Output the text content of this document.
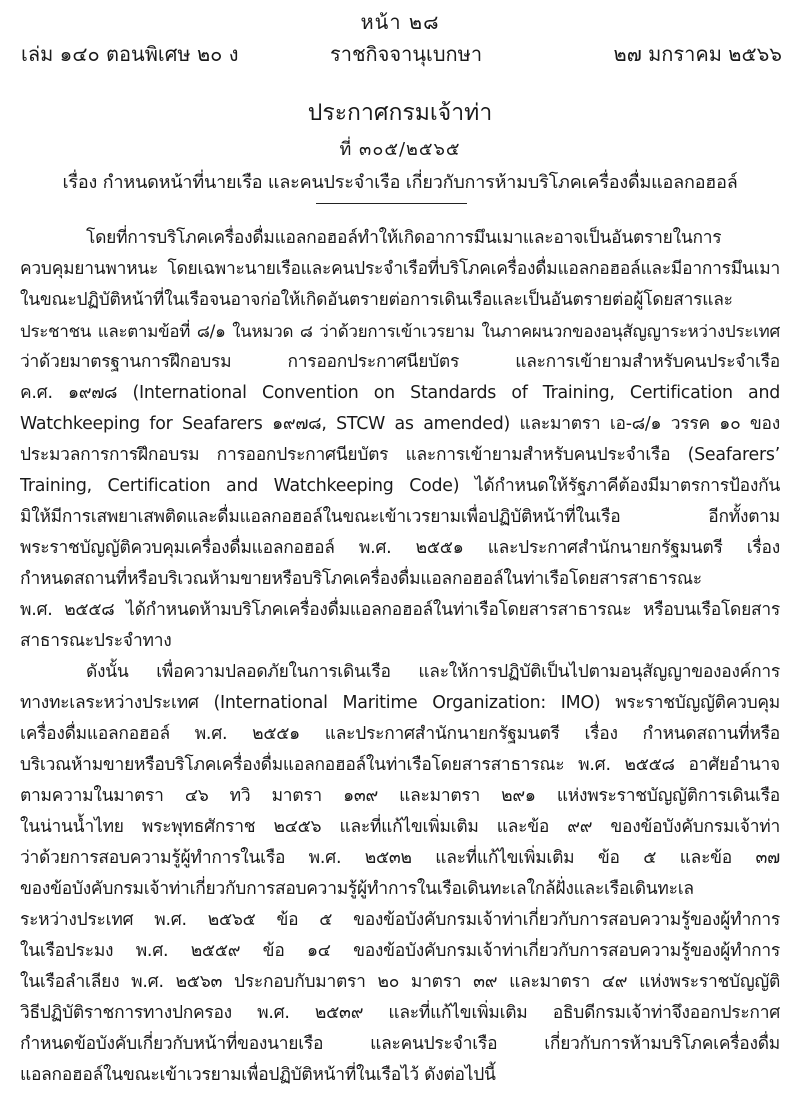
หน้า ๒๘
เล่ม ๑๔๐ ตอนพิเศษ ๒๐ ง	ราชกิจจานุเบกษา	๒๗ มกราคม ๒๕๖๖
ประกาศกรมเจ้าท่า
ที่ ๓๐๕/๒๕๖๕
เรื่อง กำหนดหน้าที่นายเรือ และคนประจำเรือ เกี่ยวกับการห้ามบริโภคเครื่องดื่มแอลกอฮอล์
โดยที่การบริโภคเครื่องดื่มแอลกอฮอล์ทำให้เกิดอาการมึนเมาและอาจเป็นอันตรายในการ
ควบคุมยานพาหนะ โดยเฉพาะนายเรือและคนประจำเรือที่บริโภคเครื่องดื่มแอลกอฮอล์และมีอาการมึนเมา
ในขณะปฏิบัติหน้าที่ในเรือจนอาจก่อให้เกิดอันตรายต่อการเดินเรือและเป็นอันตรายต่อผู้โดยสารและ
ประชาชน และตามข้อที่ ๘/๑ ในหมวด ๘ ว่าด้วยการเข้าเวรยาม ในภาคผนวกของอนุสัญญาระหว่างประเทศ
ว่าด้วยมาตรฐานการฝึกอบรม การออกประกาศนียบัตร และการเข้ายามสำหรับคนประจำเรือ
ค.ศ. ๑๙๗๘ (International Convention on Standards of Training, Certification and
Watchkeeping for Seafarers ๑๙๗๘, STCW as amended) และมาตรา เอ-๘/๑ วรรค ๑๐ ของ
ประมวลการการฝึกอบรม การออกประกาศนียบัตร และการเข้ายามสำหรับคนประจำเรือ (Seafarers’
Training, Certification and Watchkeeping Code) ได้กำหนดให้รัฐภาคีต้องมีมาตรการป้องกัน
มิให้มีการเสพยาเสพติดและดื่มแอลกอฮอล์ในขณะเข้าเวรยามเพื่อปฏิบัติหน้าที่ในเรือ อีกทั้งตาม
พระราชบัญญัติควบคุมเครื่องดื่มแอลกอฮอล์ พ.ศ. ๒๕๕๑ และประกาศสำนักนายกรัฐมนตรี เรื่อง
กำหนดสถานที่หรือบริเวณห้ามขายหรือบริโภคเครื่องดื่มแอลกอฮอล์ในท่าเรือโดยสารสาธารณะ
พ.ศ. ๒๕๕๘ ได้กำหนดห้ามบริโภคเครื่องดื่มแอลกอฮอล์ในท่าเรือโดยสารสาธารณะ หรือบนเรือโดยสาร
สาธารณะประจำทาง
ดังนั้น เพื่อความปลอดภัยในการเดินเรือ และให้การปฏิบัติเป็นไปตามอนุสัญญาขององค์การ
ทางทะเลระหว่างประเทศ (International Maritime Organization: IMO) พระราชบัญญัติควบคุม
เครื่องดื่มแอลกอฮอล์ พ.ศ. ๒๕๕๑ และประกาศสำนักนายกรัฐมนตรี เรื่อง กำหนดสถานที่หรือ
บริเวณห้ามขายหรือบริโภคเครื่องดื่มแอลกอฮอล์ในท่าเรือโดยสารสาธารณะ พ.ศ. ๒๕๕๘ อาศัยอำนาจ
ตามความในมาตรา ๔๖ ทวิ มาตรา ๑๓๙ และมาตรา ๒๙๑ แห่งพระราชบัญญัติการเดินเรือ
ในน่านน้ำไทย พระพุทธศักราช ๒๔๕๖ และที่แก้ไขเพิ่มเติม และข้อ ๙๙ ของข้อบังคับกรมเจ้าท่า
ว่าด้วยการสอบความรู้ผู้ทำการในเรือ พ.ศ. ๒๕๓๒ และที่แก้ไขเพิ่มเติม ข้อ ๕ และข้อ ๓๗
ของข้อบังคับกรมเจ้าท่าเกี่ยวกับการสอบความรู้ผู้ทำการในเรือเดินทะเลใกล้ฝั่งและเรือเดินทะเล
ระหว่างประเทศ พ.ศ. ๒๕๖๕ ข้อ ๕ ของข้อบังคับกรมเจ้าท่าเกี่ยวกับการสอบความรู้ของผู้ทำการ
ในเรือประมง พ.ศ. ๒๕๕๙ ข้อ ๑๔ ของข้อบังคับกรมเจ้าท่าเกี่ยวกับการสอบความรู้ของผู้ทำการ
ในเรือลำเลียง พ.ศ. ๒๕๖๓ ประกอบกับมาตรา ๒๐ มาตรา ๓๙ และมาตรา ๔๙ แห่งพระราชบัญญัติ
วิธีปฏิบัติราชการทางปกครอง พ.ศ. ๒๕๓๙ และที่แก้ไขเพิ่มเติม อธิบดีกรมเจ้าท่าจึงออกประกาศ
กำหนดข้อบังคับเกี่ยวกับหน้าที่ของนายเรือ และคนประจำเรือ เกี่ยวกับการห้ามบริโภคเครื่องดื่ม
แอลกอฮอล์ในขณะเข้าเวรยามเพื่อปฏิบัติหน้าที่ในเรือไว้ ดังต่อไปนี้
